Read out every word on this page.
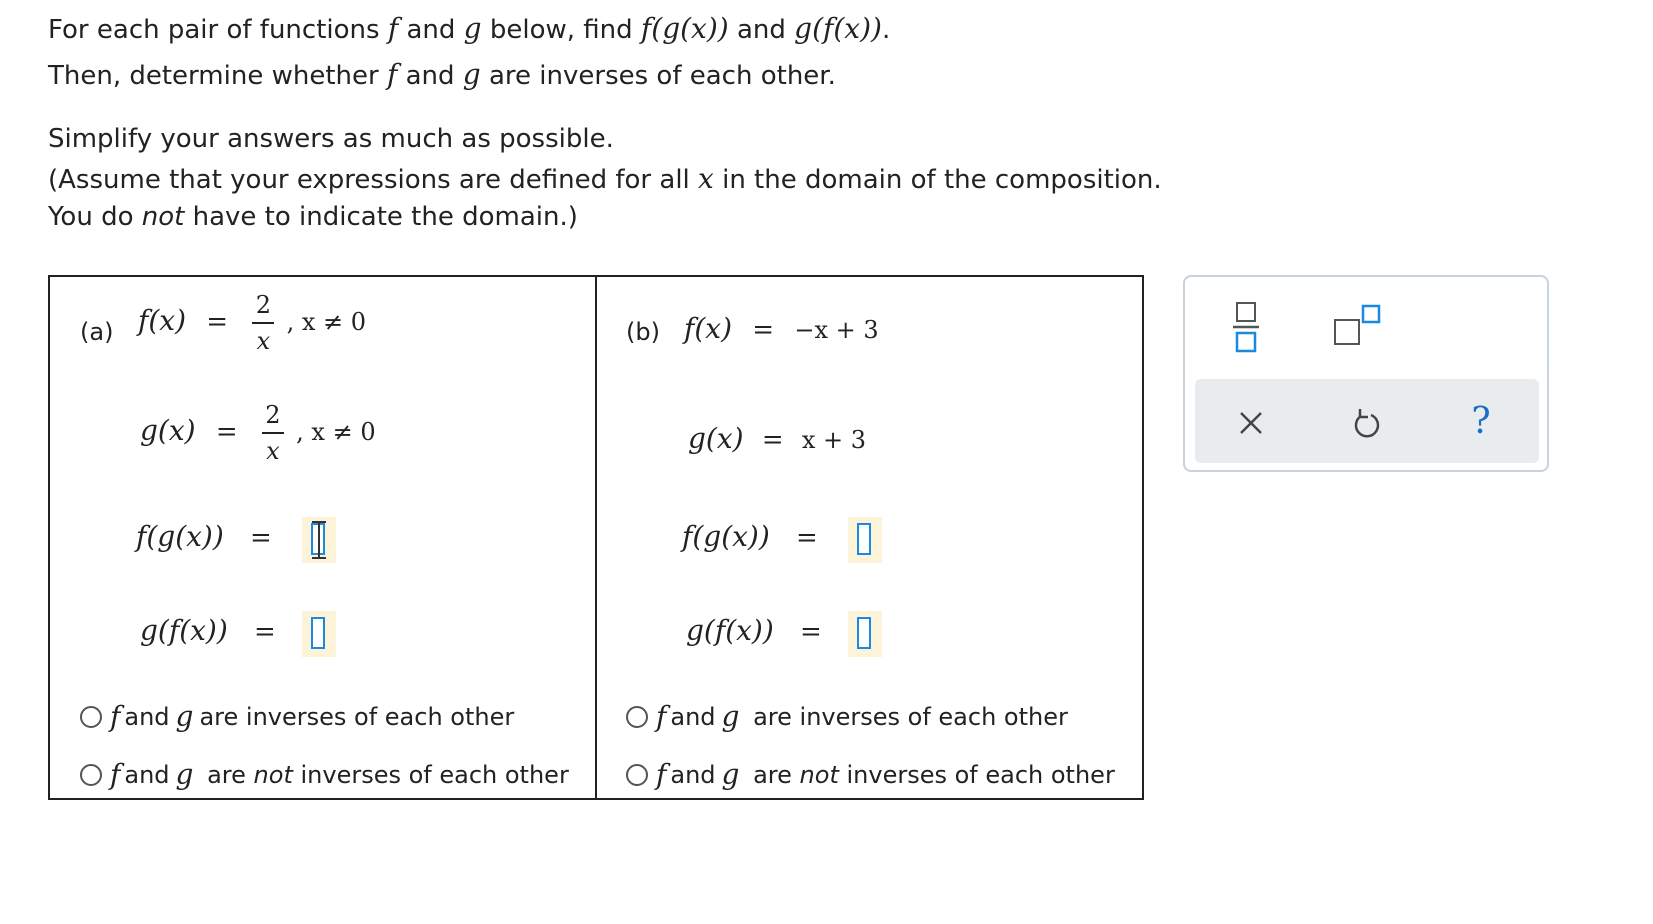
For each pair of functions f and g below, find f(g(x)) and g(f(x)).
Then, determine whether f and g are inverses of each other.
Simplify your answers as much as possible.
(Assume that your expressions are defined for all x in the domain of the composition.
You do not have to indicate the domain.)
(a) $f(x) = \frac{2}{x}$ , x ≠ 0
$g(x) = \frac{2}{x}$ , x ≠ 0
f(g(x)) =
g(f(x)) =
f and g are inverses of each other
f and g are not inverses of each other
(b) f(x) = −x + 3
g(x) = x + 3
f(g(x)) =
g(f(x)) =
f and g are inverses of each other
f and g are not inverses of each other
?
